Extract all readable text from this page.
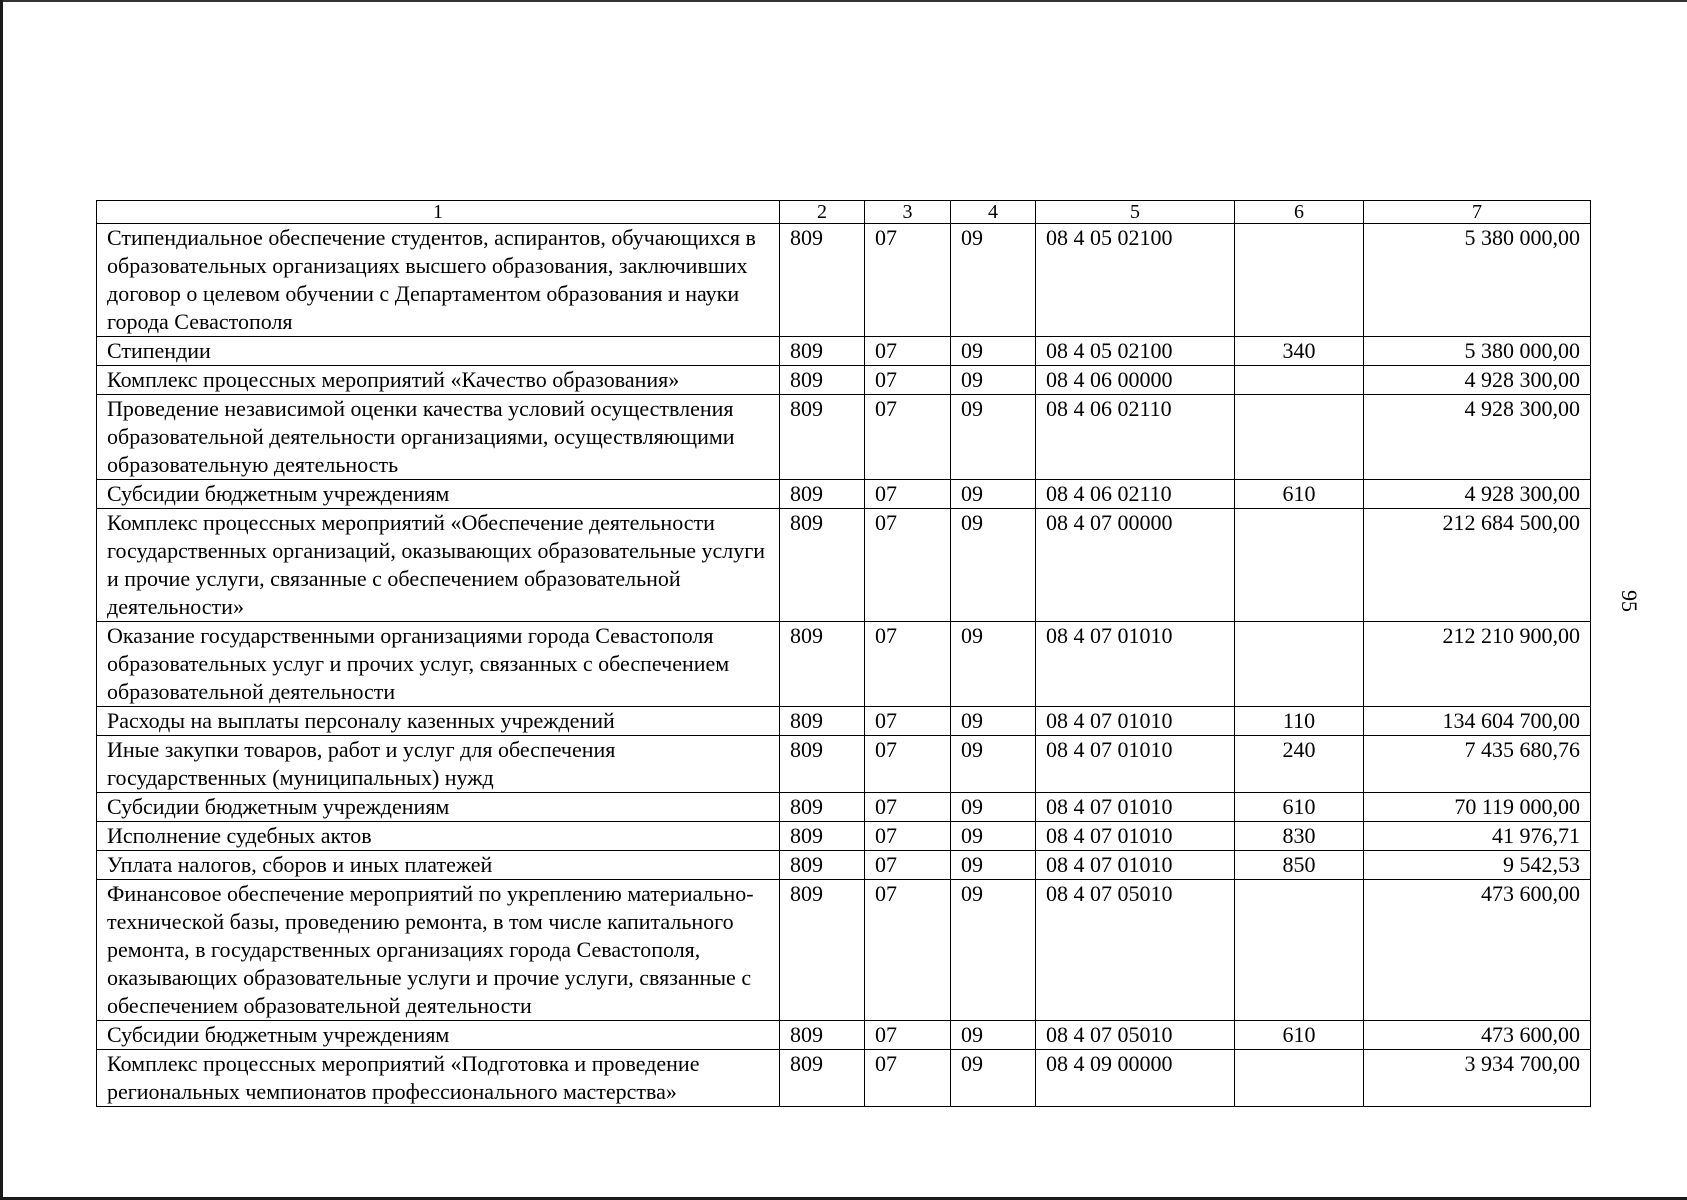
95
1	2	3	4	5	6	7
Стипендиальное обеспечение студентов, аспирантов, обучающихся в образовательных организациях высшего образования, заключивших договор о целевом обучении с Департаментом образования и науки города Севастополя	809	07	09	08 4 05 02100		5 380 000,00
Стипендии	809	07	09	08 4 05 02100	340	5 380 000,00
Комплекс процессных мероприятий «Качество образования»	809	07	09	08 4 06 00000		4 928 300,00
Проведение независимой оценки качества условий осуществления образовательной деятельности организациями, осуществляющими образовательную деятельность	809	07	09	08 4 06 02110		4 928 300,00
Субсидии бюджетным учреждениям	809	07	09	08 4 06 02110	610	4 928 300,00
Комплекс процессных мероприятий «Обеспечение деятельности государственных организаций, оказывающих образовательные услуги и прочие услуги, связанные с обеспечением образовательной деятельности»	809	07	09	08 4 07 00000		212 684 500,00
Оказание государственными организациями города Севастополя образовательных услуг и прочих услуг, связанных с обеспечением образовательной деятельности	809	07	09	08 4 07 01010		212 210 900,00
Расходы на выплаты персоналу казенных учреждений	809	07	09	08 4 07 01010	110	134 604 700,00
Иные закупки товаров, работ и услуг для обеспечения государственных (муниципальных) нужд	809	07	09	08 4 07 01010	240	7 435 680,76
Субсидии бюджетным учреждениям	809	07	09	08 4 07 01010	610	70 119 000,00
Исполнение судебных актов	809	07	09	08 4 07 01010	830	41 976,71
Уплата налогов, сборов и иных платежей	809	07	09	08 4 07 01010	850	9 542,53
Финансовое обеспечение мероприятий по укреплению материально-технической базы, проведению ремонта, в том числе капитального ремонта, в государственных организациях города Севастополя, оказывающих образовательные услуги и прочие услуги, связанные с обеспечением образовательной деятельности	809	07	09	08 4 07 05010		473 600,00
Субсидии бюджетным учреждениям	809	07	09	08 4 07 05010	610	473 600,00
Комплекс процессных мероприятий «Подготовка и проведение региональных чемпионатов профессионального мастерства»	809	07	09	08 4 09 00000		3 934 700,00
